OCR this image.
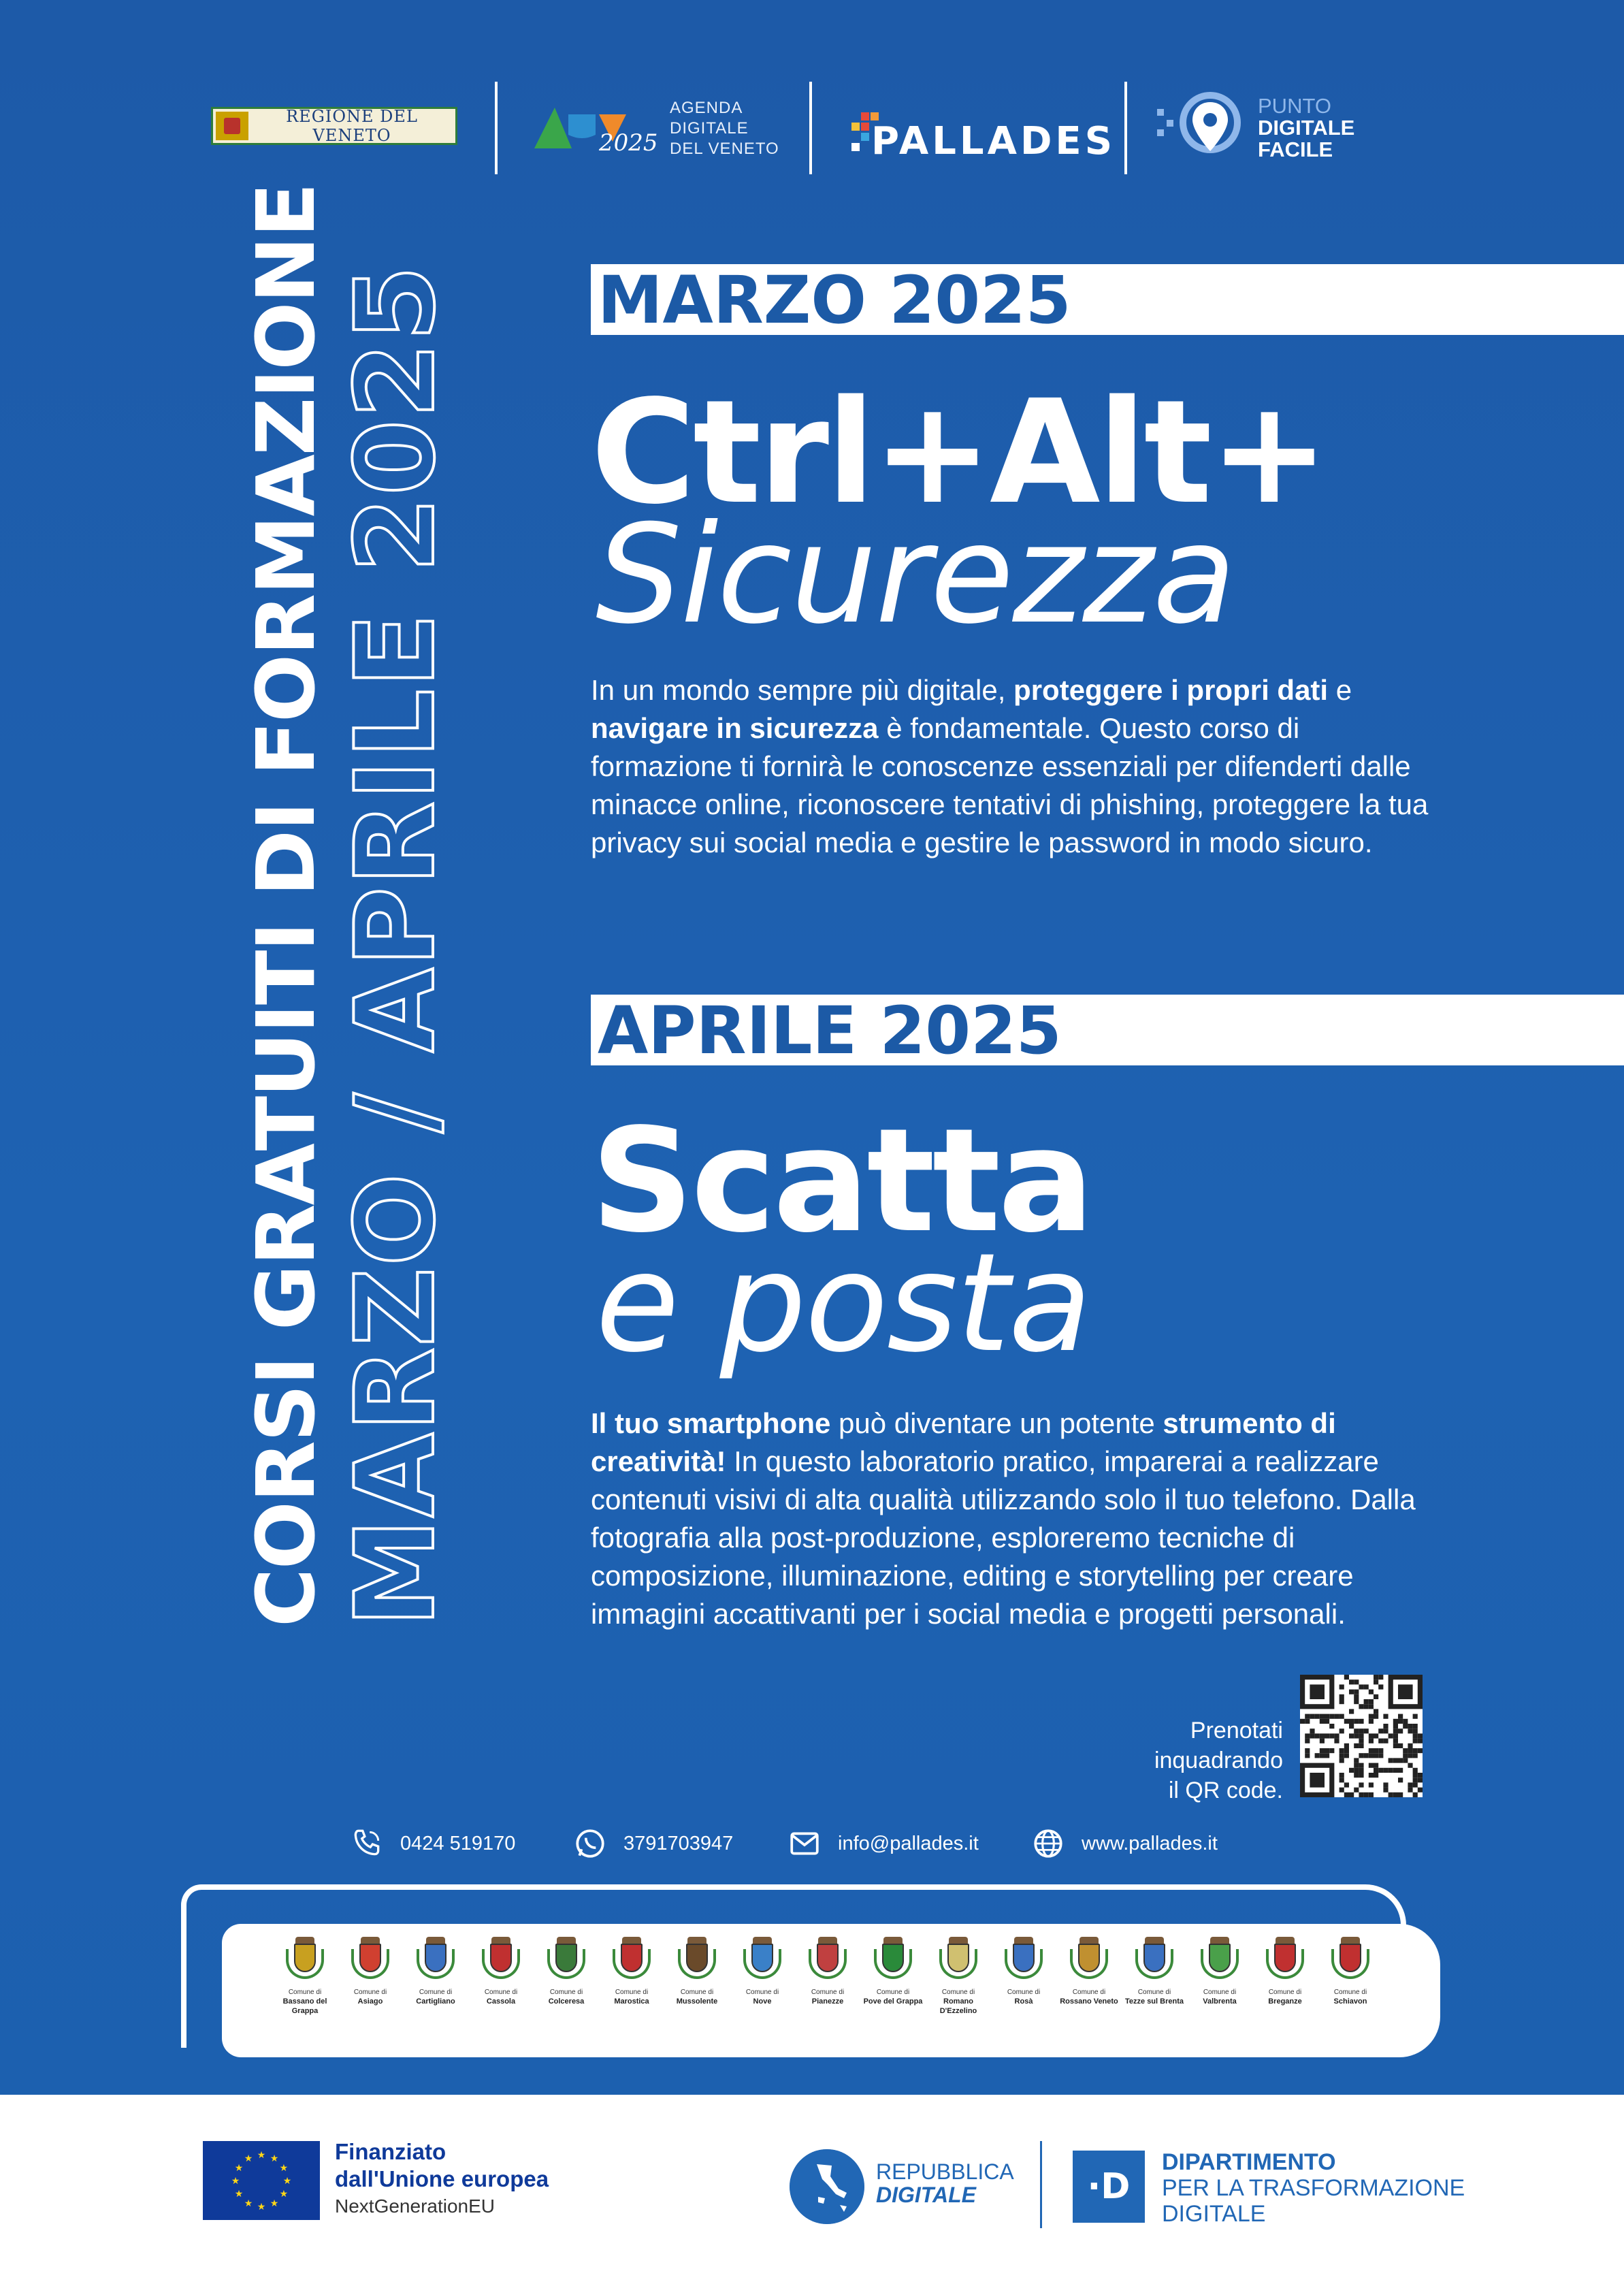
REGIONE DEL VENETO	2025
AGENDA
DIGITALE
DEL VENETO PALLADES
PUNTO
DIGITALE
FACILE
CORSI GRATUITI DI FORMAZIONE
MARZO / APRILE 2025 MARZO 2025
Ctrl+Alt+
Sicurezza
In un mondo sempre più digitale, proteggere i propri dati e navigare in sicurezza è fondamentale. Questo corso di formazione ti fornirà le conoscenze essenziali per difenderti dalle minacce online, riconoscere tentativi di phishing, proteggere la tua privacy sui social media e gestire le password in modo sicuro.
APRILE 2025
Scatta
e posta
Il tuo smartphone può diventare un potente strumento di creatività! In questo laboratorio pratico, imparerai a realizzare contenuti visivi di alta qualità utilizzando solo il tuo telefono. Dalla fotografia alla post-produzione, esploreremo tecniche di composizione, illuminazione, editing e storytelling per creare immagini accattivanti per i social media e progetti personali.
Prenotati
inquadrando
il QR code.
0424 519170	3791703947	info@pallades.it	www.pallades.it
Comune di
Bassano del Grappa
Comune di
Asiago
Comune di
Cartigliano
Comune di
Cassola
Comune di
Colceresa
Comune di
Marostica
Comune di
Mussolente
Comune di
Nove
Comune di
Pianezze
Comune di
Pove del Grappa
Comune di
Romano D'Ezzelino
Comune di
Rosà
Comune di
Rossano Veneto
Comune di
Tezze sul Brenta
Comune di
Valbrenta
Comune di
Breganze
Comune di
Schiavon
★
★
★
★
★
★
★
★
★ ★ ★
★
Finanziato
dall'Unione europea
NextGenerationEU
REPUBBLICA
DIGITALE	·D
DIPARTIMENTO
PER LA TRASFORMAZIONE
DIGITALE
